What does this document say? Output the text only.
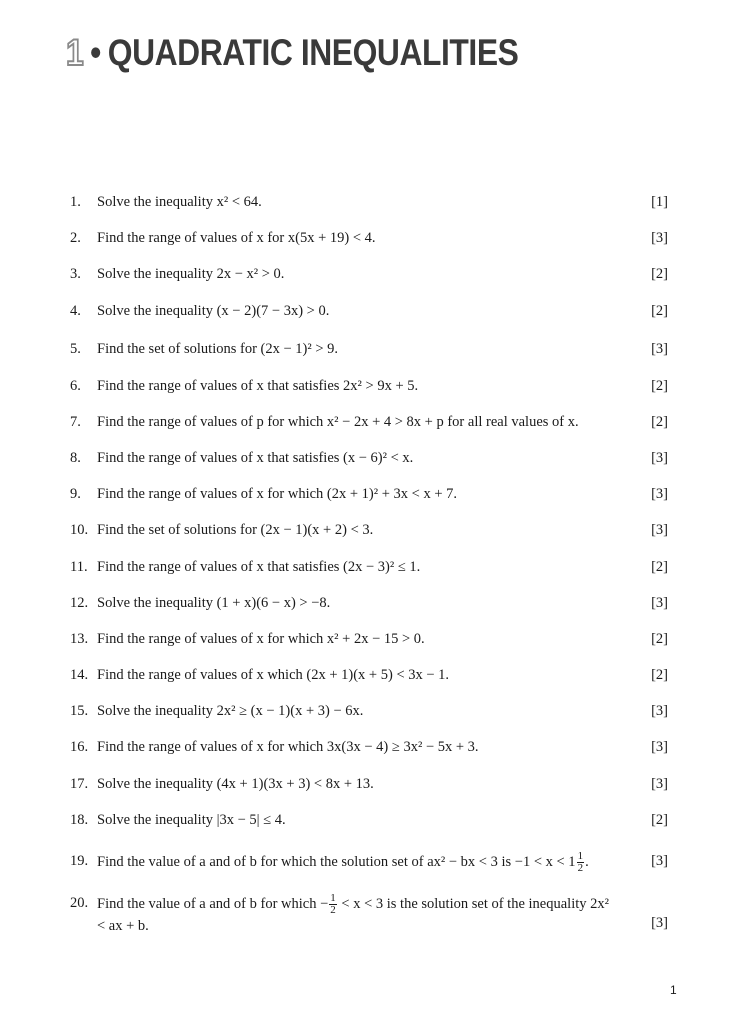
1 • QUADRATIC INEQUALITIES
1. Solve the inequality x² < 64.	[1]
2. Find the range of values of x for x(5x + 19) < 4.	[3]
3. Solve the inequality 2x − x² > 0.	[2]
4. Solve the inequality (x − 2)(7 − 3x) > 0.	[2]
5. Find the set of solutions for (2x − 1)² > 9.	[3]
6. Find the range of values of x that satisfies 2x² > 9x + 5.	[2]
7. Find the range of values of p for which x² − 2x + 4 > 8x + p for all real values of x.	[2]
8. Find the range of values of x that satisfies (x − 6)² < x.	[3]
9. Find the range of values of x for which (2x + 1)² + 3x < x + 7.	[3]
10. Find the set of solutions for (2x − 1)(x + 2) < 3.	[3]
11. Find the range of values of x that satisfies (2x − 3)² ≤ 1.	[2]
12. Solve the inequality (1 + x)(6 − x) > −8.	[3]
13. Find the range of values of x for which x² + 2x − 15 > 0.	[2]
14. Find the range of values of x which (2x + 1)(x + 5) < 3x − 1.	[2]
15. Solve the inequality 2x² ≥ (x − 1)(x + 3) − 6x.	[3]
16. Find the range of values of x for which 3x(3x − 4) ≥ 3x² − 5x + 3.	[3]
17. Solve the inequality (4x + 1)(3x + 3) < 8x + 13.	[3]
18. Solve the inequality |3x − 5| ≤ 4.	[2]
19. Find the value of a and of b for which the solution set of ax² − bx < 3 is $-1 < x < 1 \frac{1}{2}$ .	[3]
20. Find the value of a and of b for which − $\frac{1}{2} < x < 3$ is the solution set of the inequality 2x² < ax + b.	[3]
1
